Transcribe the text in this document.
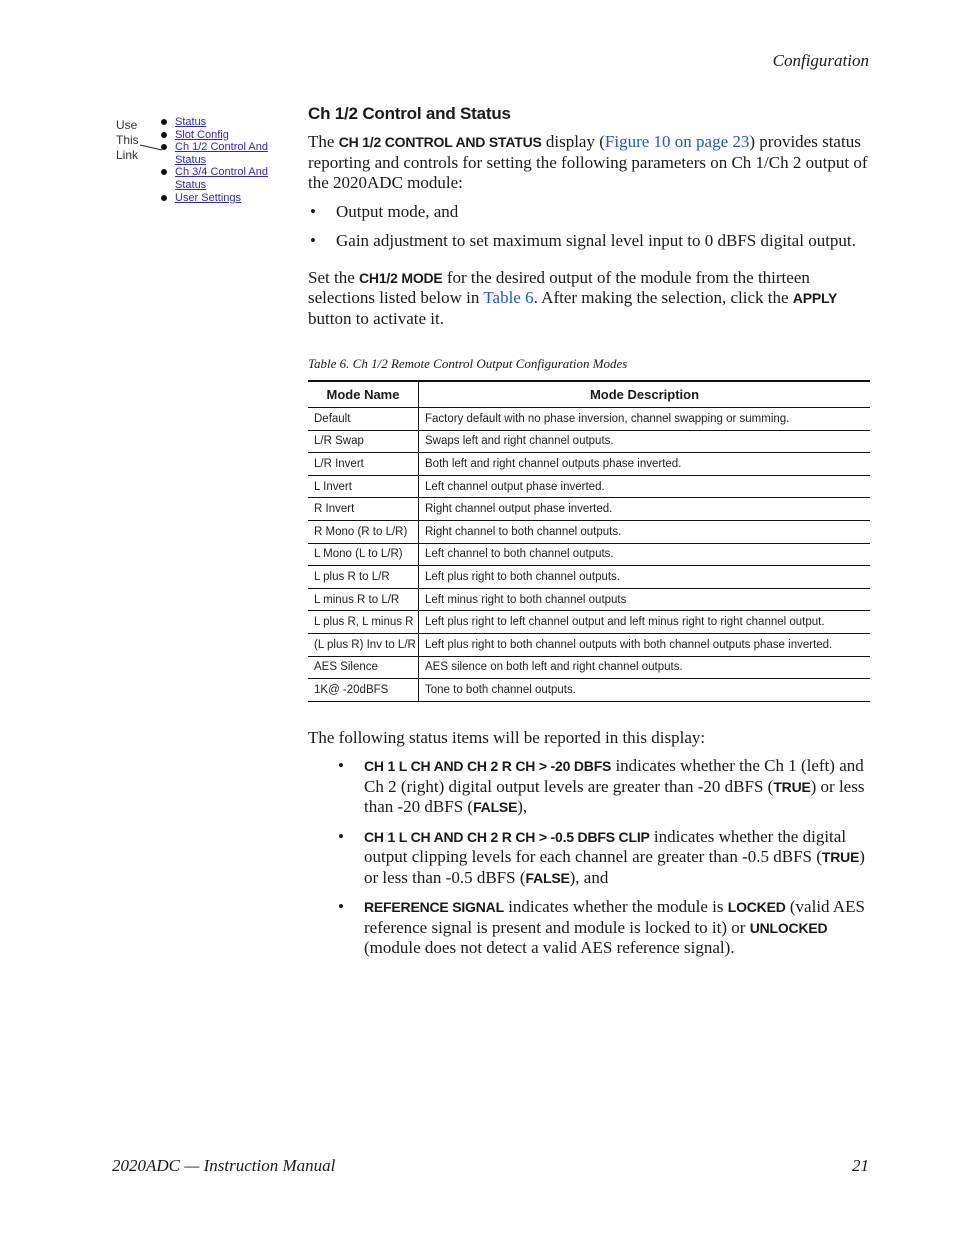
Configuration
Use
This
Link
Status
Slot Config
Ch 1/2 Control And
Status
Ch 3/4 Control And
Status
User Settings
Ch 1/2 Control and Status

The CH 1/2 CONTROL AND STATUS display (Figure 10 on page 23) provides status reporting and controls for setting the following parameters on Ch 1/Ch 2 output of the 2020ADC module:

• Output mode, and
• Gain adjustment to set maximum signal level input to 0 dBFS digital output.

Set the CH1/2 MODE for the desired output of the module from the thirteen selections listed below in Table 6. After making the selection, click the APPLY button to activate it.

Table 6. Ch 1/2 Remote Control Output Configuration Modes
Mode Name	Mode Description
Default	Factory default with no phase inversion, channel swapping or summing.
L/R Swap	Swaps left and right channel outputs.
L/R Invert	Both left and right channel outputs phase inverted.
L Invert	Left channel output phase inverted.
R Invert	Right channel output phase inverted.
R Mono (R to L/R)	Right channel to both channel outputs.
L Mono (L to L/R)	Left channel to both channel outputs.
L plus R to L/R	Left plus right to both channel outputs.
L minus R to L/R	Left minus right to both channel outputs
L plus R, L minus R	Left plus right to left channel output and left minus right to right channel output.
(L plus R) Inv to L/R	Left plus right to both channel outputs with both channel outputs phase inverted.
AES Silence	AES silence on both left and right channel outputs.
1K@ -20dBFS	Tone to both channel outputs.

The following status items will be reported in this display:

• CH 1 L CH AND CH 2 R CH > -20 DBFS indicates whether the Ch 1 (left) and Ch 2 (right) digital output levels are greater than -20 dBFS (TRUE) or less than -20 dBFS (FALSE),
• CH 1 L CH AND CH 2 R CH > -0.5 DBFS CLIP indicates whether the digital output clipping levels for each channel are greater than -0.5 dBFS (TRUE) or less than -0.5 dBFS (FALSE), and
• REFERENCE SIGNAL indicates whether the module is LOCKED (valid AES reference signal is present and module is locked to it) or UNLOCKED (module does not detect a valid AES reference signal).
2020ADC — Instruction Manual	21
